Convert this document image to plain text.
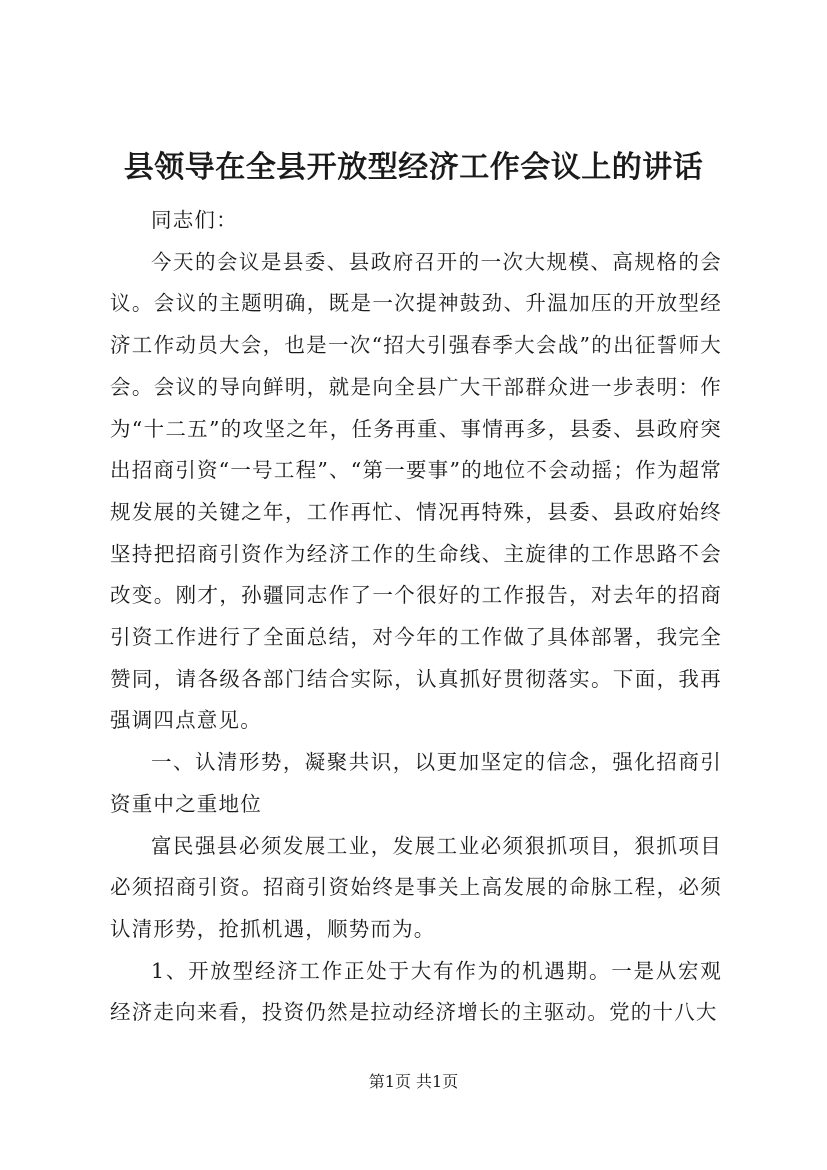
县领导在全县开放型经济工作会议上的讲话

同志们：

今天的会议是县委、县政府召开的一次大规模、高规格的会议。会议的主题明确，既是一次提神鼓劲、升温加压的开放型经济工作动员大会，也是一次“招大引强春季大会战”的出征誓师大会。会议的导向鲜明，就是向全县广大干部群众进一步表明：作为“十二五”的攻坚之年，任务再重、事情再多，县委、县政府突出招商引资“一号工程”、“第一要事”的地位不会动摇；作为超常规发展的关键之年，工作再忙、情况再特殊，县委、县政府始终坚持把招商引资作为经济工作的生命线、主旋律的工作思路不会改变。刚才，孙疆同志作了一个很好的工作报告，对去年的招商引资工作进行了全面总结，对今年的工作做了具体部署，我完全赞同，请各级各部门结合实际，认真抓好贯彻落实。下面，我再强调四点意见。

一、认清形势，凝聚共识，以更加坚定的信念，强化招商引资重中之重地位

富民强县必须发展工业，发展工业必须狠抓项目，狠抓项目必须招商引资。招商引资始终是事关上高发展的命脉工程，必须认清形势，抢抓机遇，顺势而为。

1、开放型经济工作正处于大有作为的机遇期。一是从宏观经济走向来看，投资仍然是拉动经济增长的主驱动。党的十八大

第1页 共1页
